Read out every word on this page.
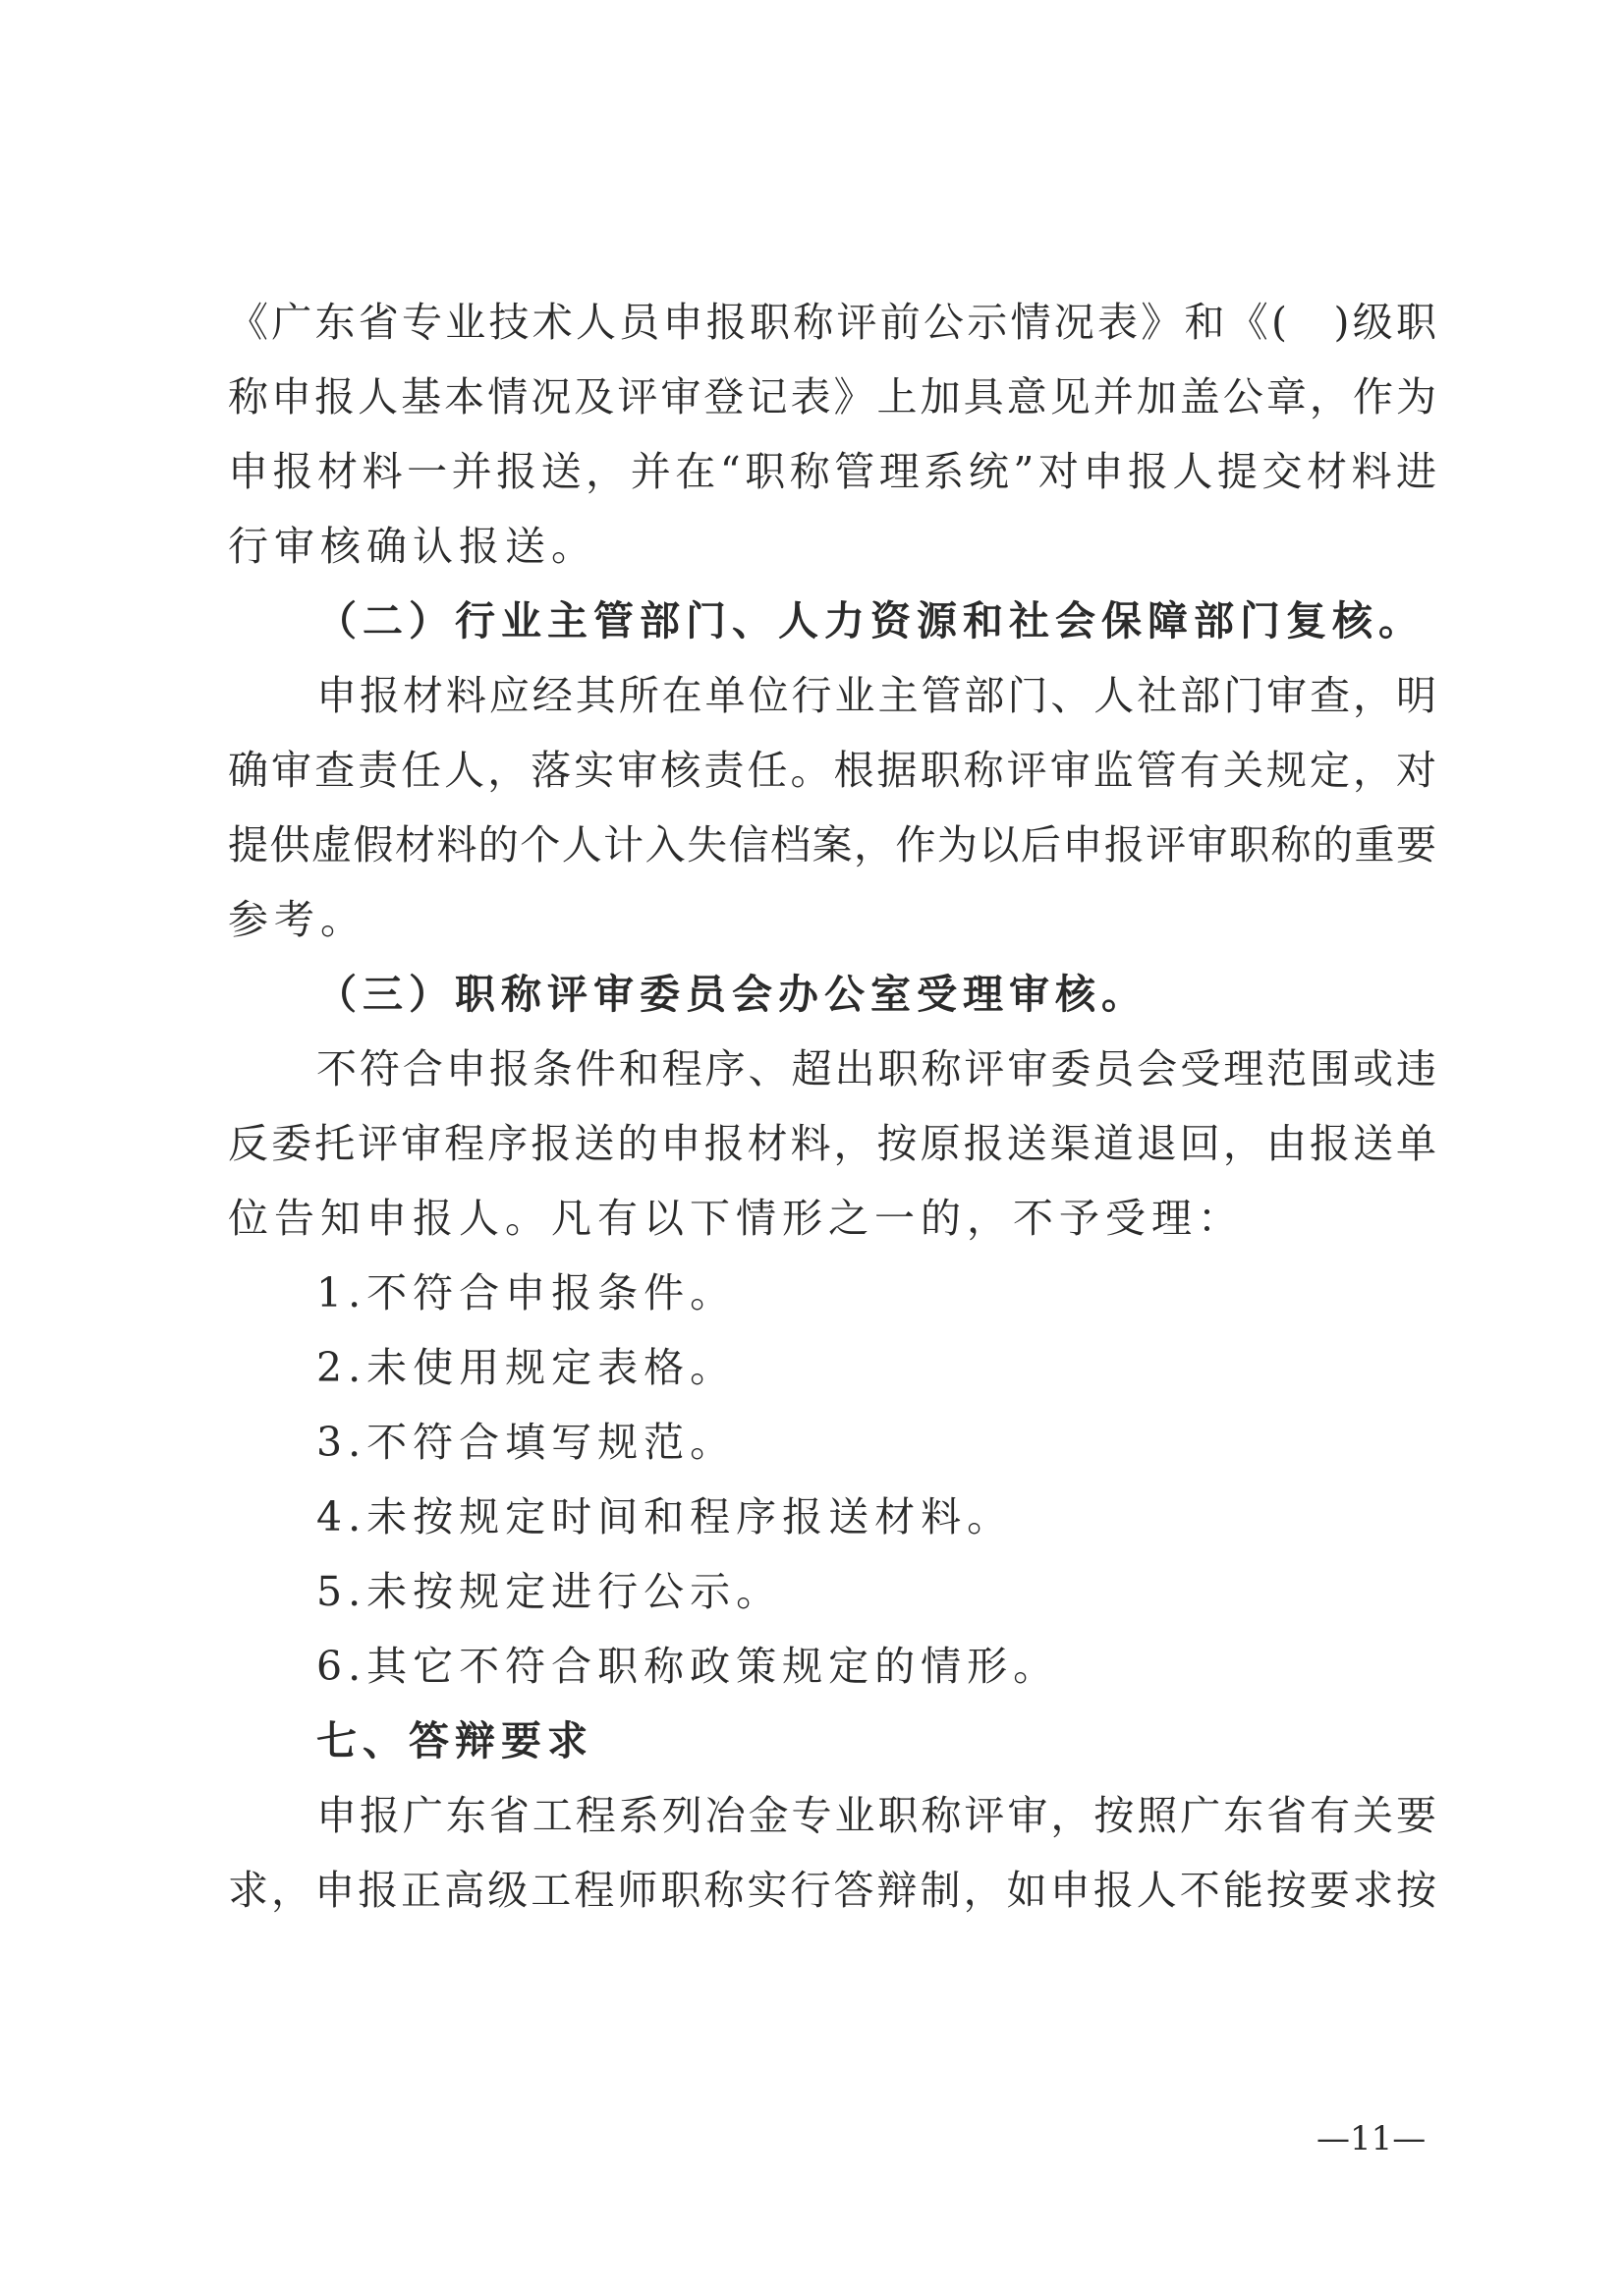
《广东省专业技术人员申报职称评前公示情况表》和《(　)级职
称申报人基本情况及评审登记表》上加具意见并加盖公章，作为
申报材料一并报送，并在“职称管理系统”对申报人提交材料进
行审核确认报送。
（二）行业主管部门、人力资源和社会保障部门复核。
申报材料应经其所在单位行业主管部门、人社部门审查，明
确审查责任人，落实审核责任。根据职称评审监管有关规定，对
提供虚假材料的个人计入失信档案，作为以后申报评审职称的重要
参考。
（三）职称评审委员会办公室受理审核。
不符合申报条件和程序、超出职称评审委员会受理范围或违
反委托评审程序报送的申报材料，按原报送渠道退回，由报送单
位告知申报人。凡有以下情形之一的，不予受理：
1.不符合申报条件。
2.未使用规定表格。
3.不符合填写规范。
4.未按规定时间和程序报送材料。
5.未按规定进行公示。
6.其它不符合职称政策规定的情形。
七、答辩要求
申报广东省工程系列冶金专业职称评审，按照广东省有关要
求，申报正高级工程师职称实行答辩制，如申报人不能按要求按
—11—
